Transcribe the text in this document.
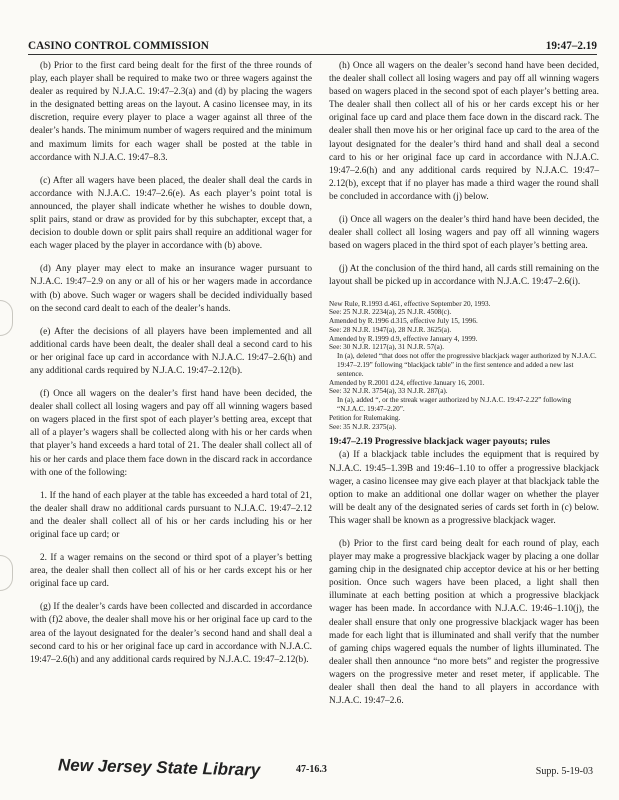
CASINO CONTROL COMMISSION	19:47–2.19

(b) Prior to the first card being dealt for the first of the three rounds of play, each player shall be required to make two or three wagers against the dealer as required by N.J.A.C. 19:47–2.3(a) and (d) by placing the wagers in the designated betting areas on the layout. A casino licensee may, in its discretion, require every player to place a wager against all three of the dealer’s hands. The minimum number of wagers required and the minimum and maximum limits for each wager shall be posted at the table in accordance with N.J.A.C. 19:47–8.3.

(c) After all wagers have been placed, the dealer shall deal the cards in accordance with N.J.A.C. 19:47–2.6(e). As each player’s point total is announced, the player shall indicate whether he wishes to double down, split pairs, stand or draw as provided for by this subchapter, except that, a decision to double down or split pairs shall require an additional wager for each wager placed by the player in accordance with (b) above.

(d) Any player may elect to make an insurance wager pursuant to N.J.A.C. 19:47–2.9 on any or all of his or her wagers made in accordance with (b) above. Such wager or wagers shall be decided individually based on the second card dealt to each of the dealer’s hands.

(e) After the decisions of all players have been implemented and all additional cards have been dealt, the dealer shall deal a second card to his or her original face up card in accordance with N.J.A.C. 19:47–2.6(h) and any additional cards required by N.J.A.C. 19:47–2.12(b).

(f) Once all wagers on the dealer’s first hand have been decided, the dealer shall collect all losing wagers and pay off all winning wagers based on wagers placed in the first spot of each player’s betting area, except that all of a player’s wagers shall be collected along with his or her cards when that player’s hand exceeds a hard total of 21. The dealer shall collect all of his or her cards and place them face down in the discard rack in accordance with one of the following:

1. If the hand of each player at the table has exceeded a hard total of 21, the dealer shall draw no additional cards pursuant to N.J.A.C. 19:47–2.12 and the dealer shall collect all of his or her cards including his or her original face up card; or

2. If a wager remains on the second or third spot of a player’s betting area, the dealer shall then collect all of his or her cards except his or her original face up card.

(g) If the dealer’s cards have been collected and discarded in accordance with (f)2 above, the dealer shall move his or her original face up card to the area of the layout designated for the dealer’s second hand and shall deal a second card to his or her original face up card in accordance with N.J.A.C. 19:47–2.6(h) and any additional cards required by N.J.A.C. 19:47–2.12(b).

(h) Once all wagers on the dealer’s second hand have been decided, the dealer shall collect all losing wagers and pay off all winning wagers based on wagers placed in the second spot of each player’s betting area. The dealer shall then collect all of his or her cards except his or her original face up card and place them face down in the discard rack. The dealer shall then move his or her original face up card to the area of the layout designated for the dealer’s third hand and shall deal a second card to his or her original face up card in accordance with N.J.A.C. 19:47–2.6(h) and any additional cards required by N.J.A.C. 19:47–2.12(b), except that if no player has made a third wager the round shall be concluded in accordance with (j) below.

(i) Once all wagers on the dealer’s third hand have been decided, the dealer shall collect all losing wagers and pay off all winning wagers based on wagers placed in the third spot of each player’s betting area.

(j) At the conclusion of the third hand, all cards still remaining on the layout shall be picked up in accordance with N.J.A.C. 19:47–2.6(i).

New Rule, R.1993 d.461, effective September 20, 1993.
See: 25 N.J.R. 2234(a), 25 N.J.R. 4508(c).
Amended by R.1996 d.315, effective July 15, 1996.
See: 28 N.J.R. 1947(a), 28 N.J.R. 3625(a).
Amended by R.1999 d.9, effective January 4, 1999.
See: 30 N.J.R. 1217(a), 31 N.J.R. 57(a).
In (a), deleted “that does not offer the progressive blackjack wager authorized by N.J.A.C. 19:47–2.19” following “blackjack table” in the first sentence and added a new last sentence.
Amended by R.2001 d.24, effective January 16, 2001.
See: 32 N.J.R. 3754(a), 33 N.J.R. 287(a).
In (a), added “, or the streak wager authorized by N.J.A.C. 19:47-2.22” following “N.J.A.C. 19:47–2.20”.
Petition for Rulemaking.
See: 35 N.J.R. 2375(a).
19:47–2.19 Progressive blackjack wager payouts; rules

(a) If a blackjack table includes the equipment that is required by N.J.A.C. 19:45–1.39B and 19:46–1.10 to offer a progressive blackjack wager, a casino licensee may give each player at that blackjack table the option to make an additional one dollar wager on whether the player will be dealt any of the designated series of cards set forth in (c) below. This wager shall be known as a progressive blackjack wager.

(b) Prior to the first card being dealt for each round of play, each player may make a progressive blackjack wager by placing a one dollar gaming chip in the designated chip acceptor device at his or her betting position. Once such wagers have been placed, a light shall then illuminate at each betting position at which a progressive blackjack wager has been made. In accordance with N.J.A.C. 19:46–1.10(j), the dealer shall ensure that only one progressive blackjack wager has been made for each light that is illuminated and shall verify that the number of gaming chips wagered equals the number of lights illuminated. The dealer shall then announce “no more bets” and register the progressive wagers on the progressive meter and reset meter, if applicable. The dealer shall then deal the hand to all players in accordance with N.J.A.C. 19:47–2.6.

New Jersey State Library	47-16.3	Supp. 5-19-03
